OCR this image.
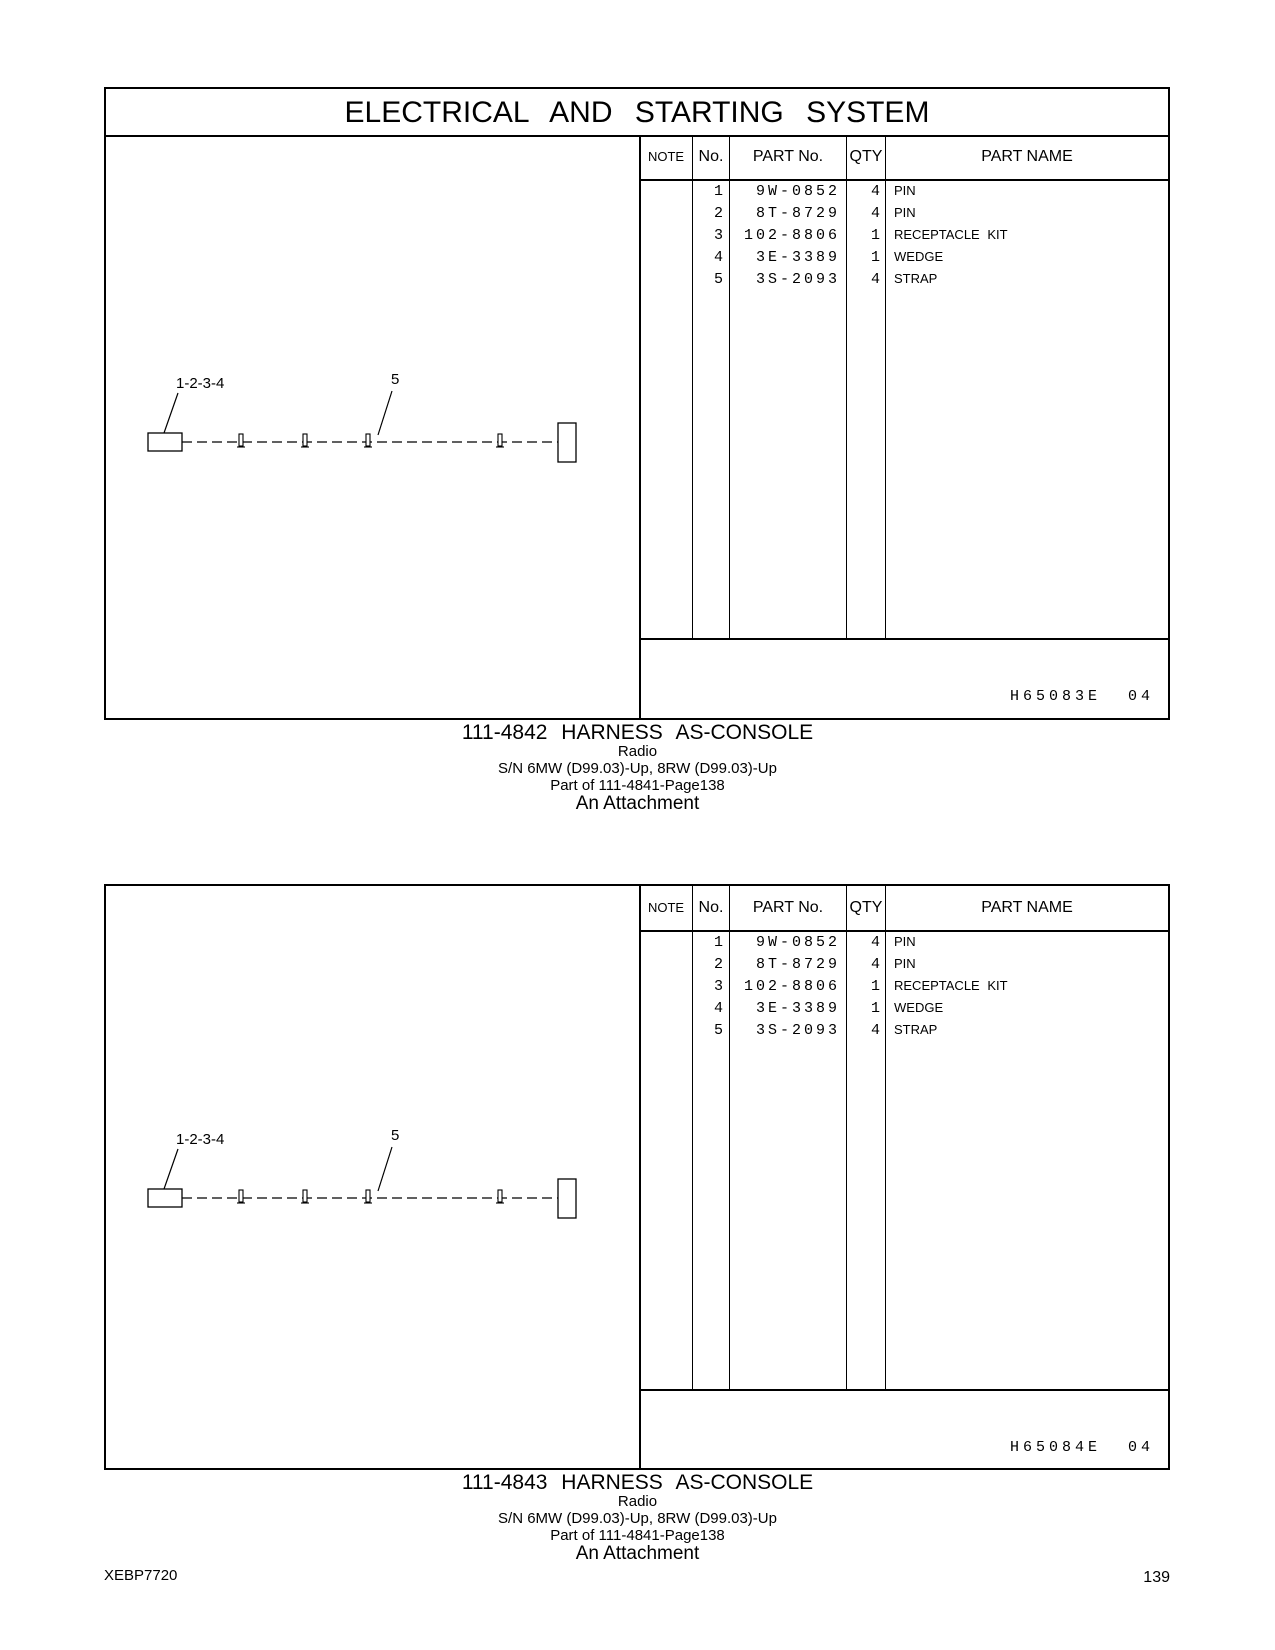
ELECTRICAL AND STARTING SYSTEM
1-2-3-4	5
NOTE No.	PART No.	QTY	PART NAME
1	9W-0852	4 PIN
2	8T-8729	4 PIN
3	102-8806	1 RECEPTACLE KIT
4	3E-3389	1 WEDGE
5	3S-2093	4 STRAP
H65083E 04
111-4842 HARNESS AS-CONSOLE
Radio
S/N 6MW (D99.03)-Up, 8RW (D99.03)-Up
Part of 111-4841-Page138
An Attachment
1-2-3-4	5
NOTE No.	PART No.	QTY	PART NAME
1	9W-0852	4 PIN
2	8T-8729	4 PIN
3	102-8806	1 RECEPTACLE KIT
4	3E-3389	1 WEDGE
5	3S-2093	4 STRAP
H65084E 04
111-4843 HARNESS AS-CONSOLE
Radio
S/N 6MW (D99.03)-Up, 8RW (D99.03)-Up
Part of 111-4841-Page138
An Attachment
XEBP7720	139
